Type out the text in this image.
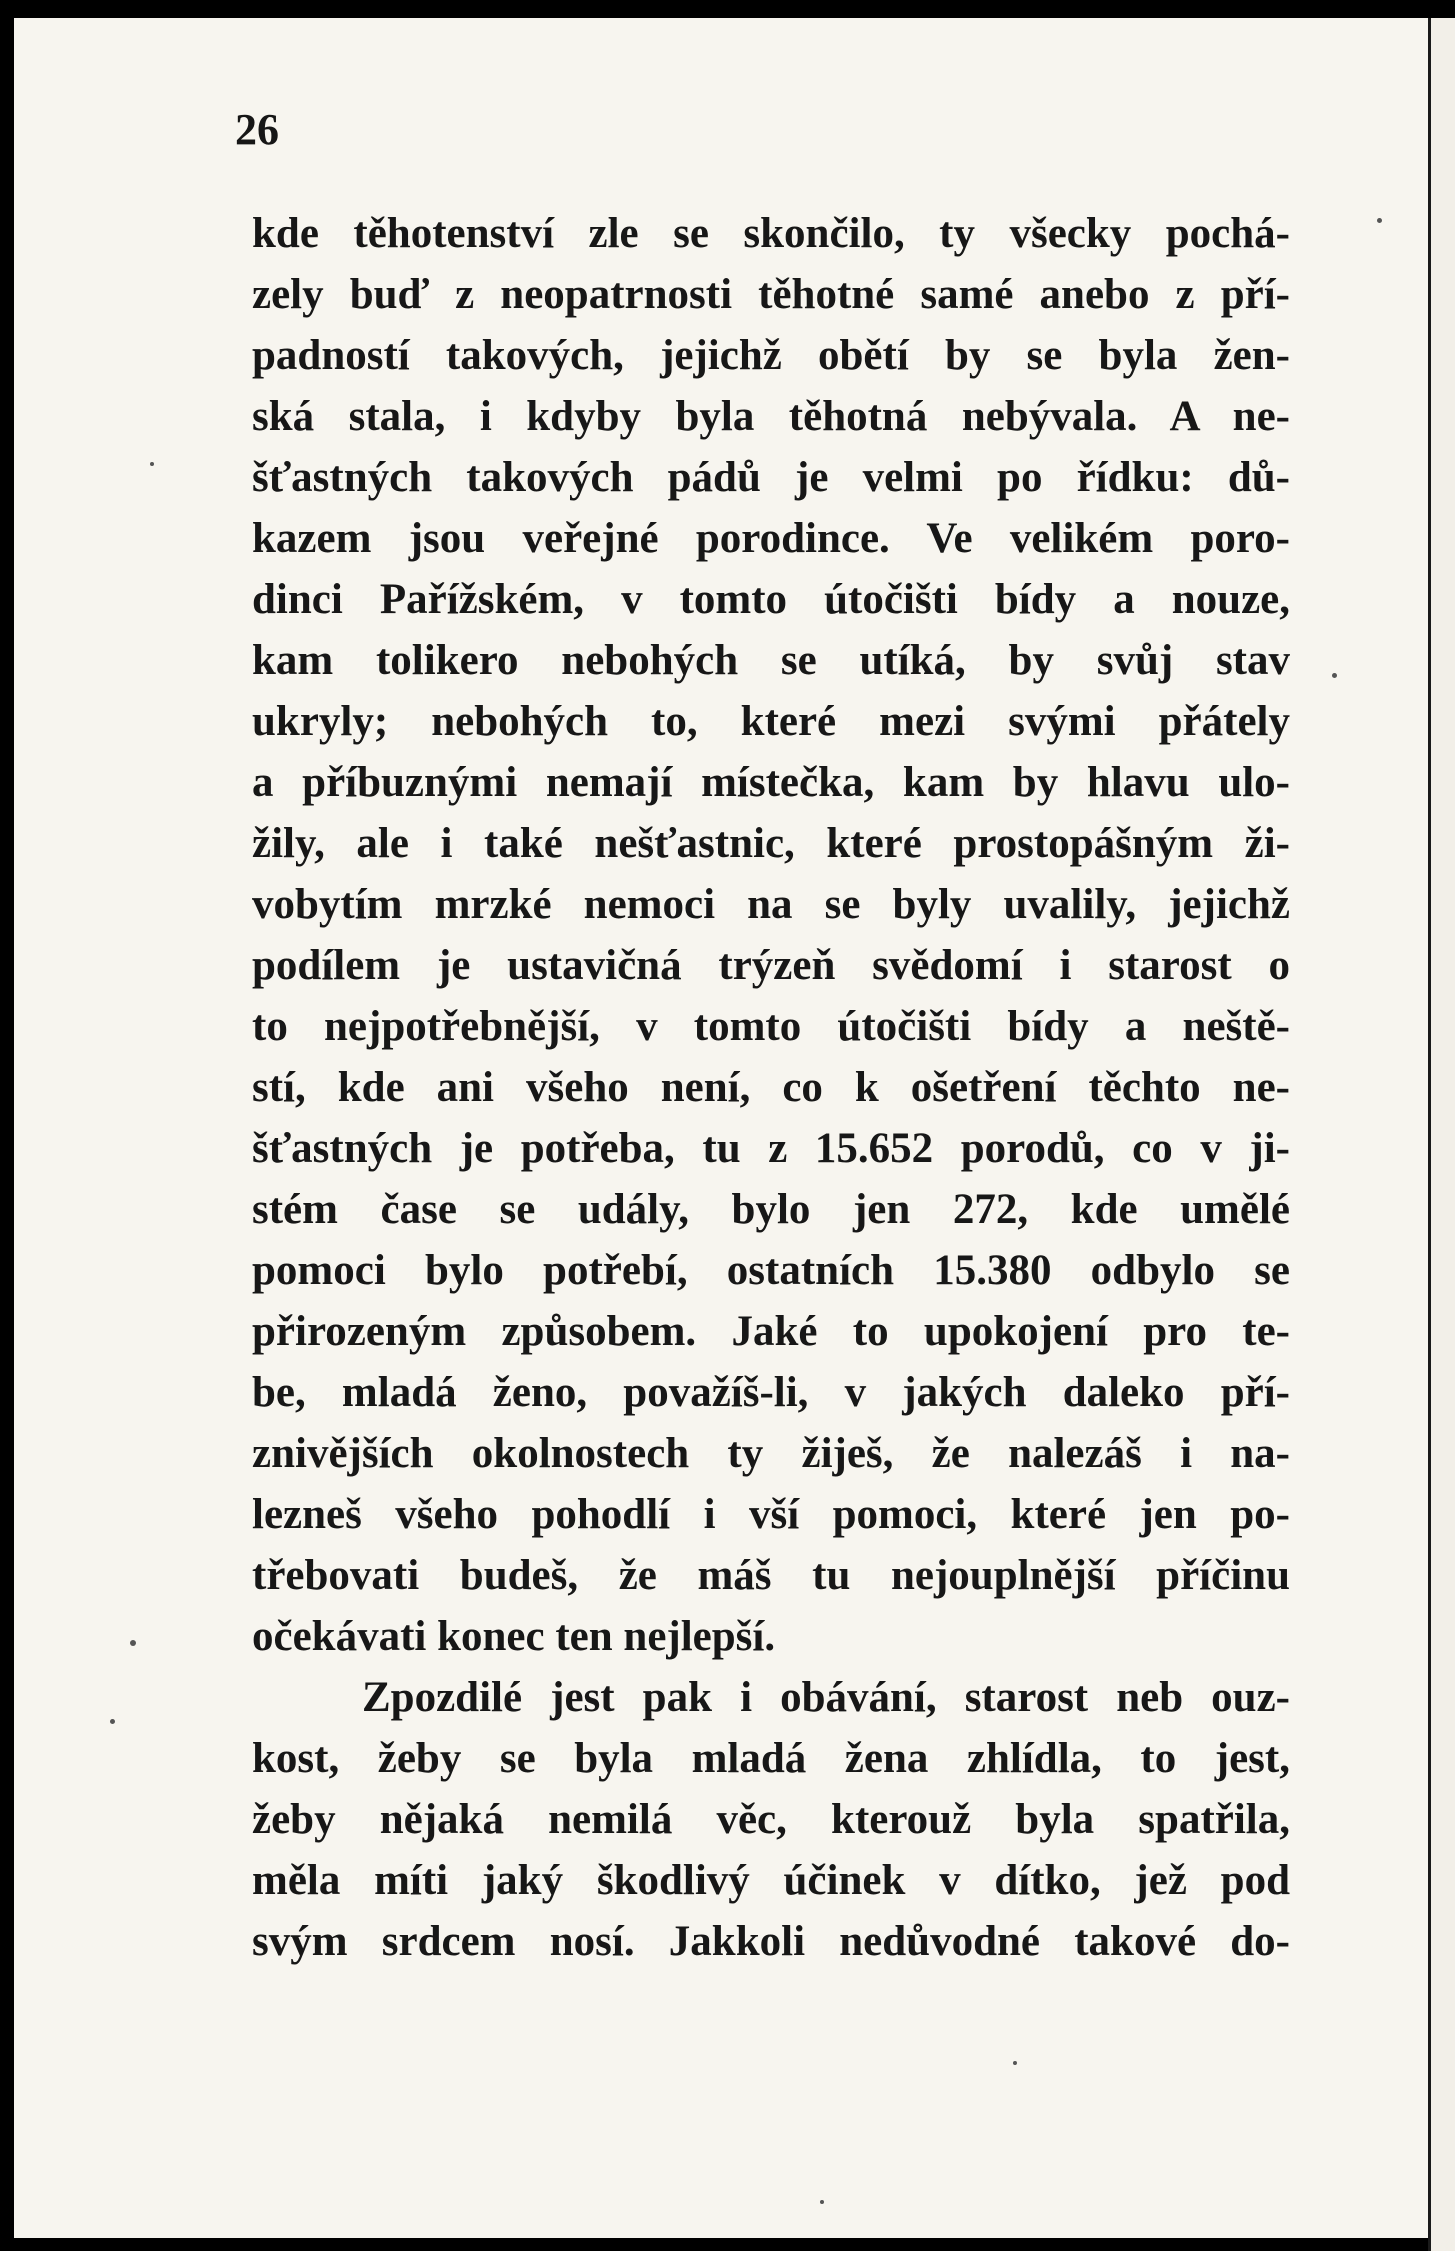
26
kde těhotenství zle se skončilo, ty všecky pochá-
zely buď z neopatrnosti těhotné samé anebo z pří-
padností takových, jejichž obětí by se byla žen-
ská stala, i kdyby byla těhotná nebývala. A ne-
šťastných takových pádů je velmi po řídku: dů-
kazem jsou veřejné porodince. Ve velikém poro-
dinci Pařížském, v tomto útočišti bídy a nouze,
kam tolikero nebohých se utíká, by svůj stav
ukryly; nebohých to, které mezi svými přátely
a příbuznými nemají místečka, kam by hlavu ulo-
žily, ale i také nešťastnic, které prostopášným ži-
vobytím mrzké nemoci na se byly uvalily, jejichž
podílem je ustavičná trýzeň svědomí i starost o
to nejpotřebnější, v tomto útočišti bídy a neště-
stí, kde ani všeho není, co k ošetření těchto ne-
šťastných je potřeba, tu z 15.652 porodů, co v ji-
stém čase se udály, bylo jen 272, kde umělé
pomoci bylo potřebí, ostatních 15.380 odbylo se
přirozeným způsobem. Jaké to upokojení pro te-
be, mladá ženo, považíš-li, v jakých daleko pří-
znivějších okolnostech ty žiješ, že nalezáš i na-
lezneš všeho pohodlí i vší pomoci, které jen po-
třebovati budeš, že máš tu nejouplnější příčinu
očekávati konec ten nejlepší.
Zpozdilé jest pak i obávání, starost neb ouz-
kost, žeby se byla mladá žena zhlídla, to jest,
žeby nějaká nemilá věc, kterouž byla spatřila,
měla míti jaký škodlivý účinek v dítko, jež pod
svým srdcem nosí. Jakkoli nedůvodné takové do-
